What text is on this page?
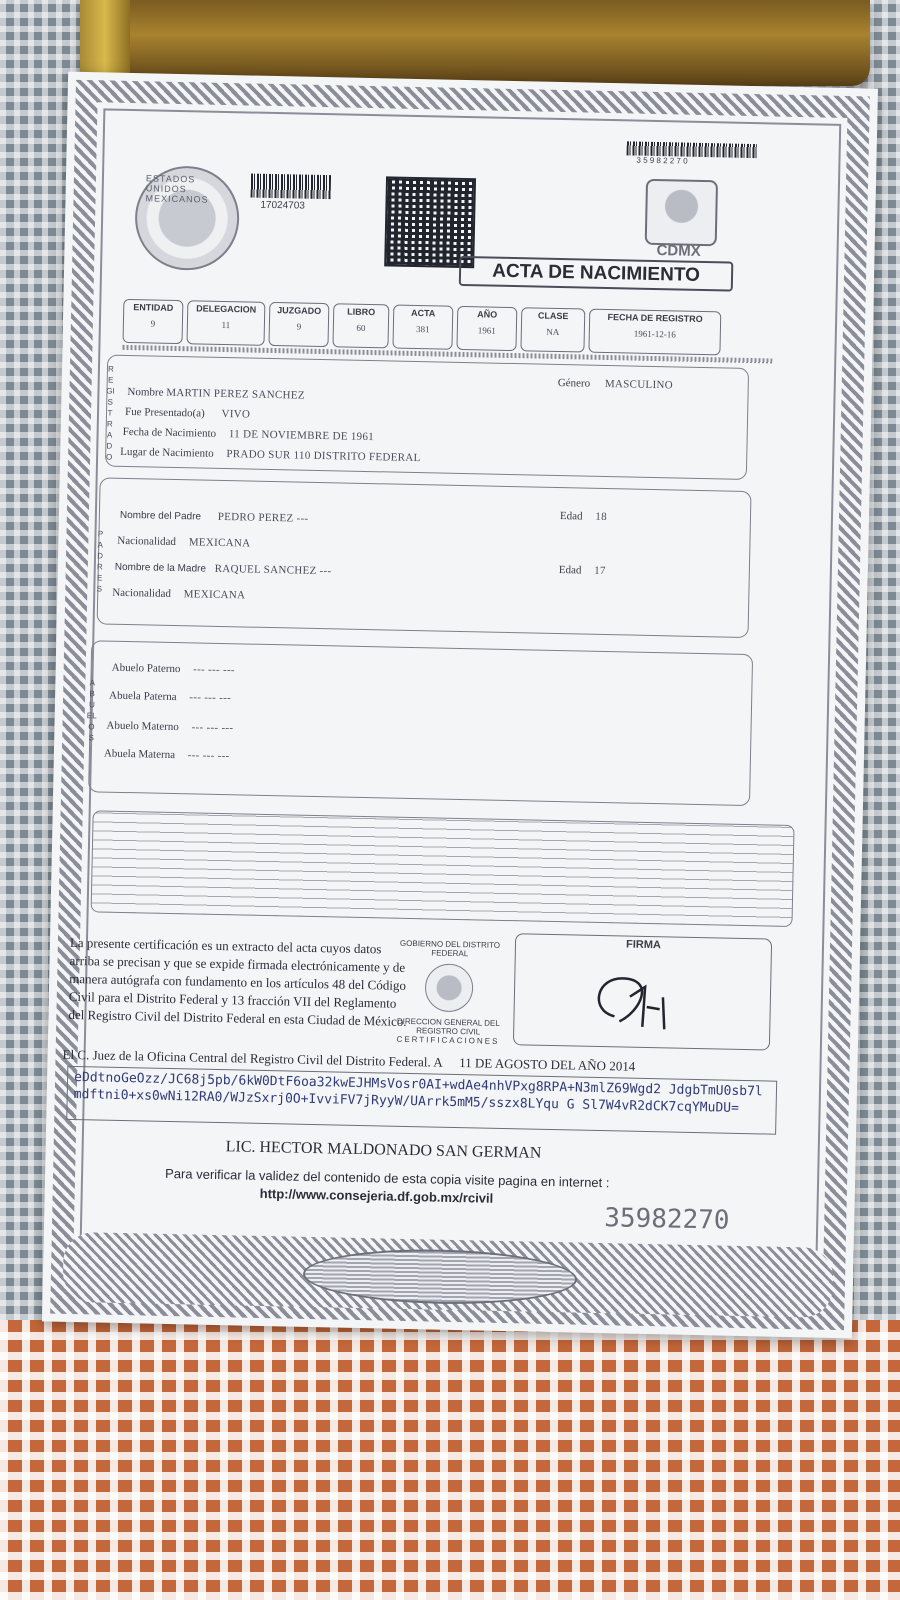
ESTADOS UNIDOS MEXICANOS
17024703
3 5 9 8 2 2 7 0
CDMX
ACTA DE NACIMIENTO
ENTIDAD
9
DELEGACION
11
JUZGADO
9
LIBRO
60
ACTA
381
AÑO
1961
CLASE
NA
FECHA DE REGISTRO
1961-12-16
REGISTRADO
Nombre MARTIN PEREZ SANCHEZ
Género MASCULINO
Fue Presentado(a) VIVO
Fecha de Nacimiento 11 DE NOVIEMBRE DE 1961
Lugar de Nacimiento PRADO SUR 110 DISTRITO FEDERAL
PADRES
Nombre del Padre PEDRO PEREZ ---	Edad 18
Nacionalidad MEXICANA
Nombre de la Madre RAQUEL SANCHEZ ---	Edad 17
Nacionalidad MEXICANA
ABUELOS
Abuelo Paterno --- --- ---
Abuela Paterna --- --- ---
Abuelo Materno --- --- ---
Abuela Materna --- --- ---
La presente certificación es un extracto del acta cuyos datos arriba se precisan y que se expide firmada electrónicamente y de manera autógrafa con fundamento en los artículos 48 del Código Civil para el Distrito Federal y 13 fracción VII del Reglamento del Registro Civil del Distrito Federal en esta Ciudad de México.
GOBIERNO DEL DISTRITO FEDERAL
DIRECCION GENERAL DEL REGISTRO CIVIL
CERTIFICACIONES
FIRMA
El C. Juez de la Oficina Central del Registro Civil del Distrito Federal. A 11 DE AGOSTO DEL AÑO 2014
eDdtnoGeOzz/JC68j5pb/6kW0DtF6oa32kwEJHMsVosr0AI+wdAe4nhVPxg8RPA+N3mlZ69Wgd2 JdgbTmU0sb7lmdftni0+xs0wNi12RA0/WJzSxrj0O+IvviFV7jRyyW/UArrk5mM5/sszx8LYqu G Sl7W4vR2dCK7cqYMuDU=
LIC. HECTOR MALDONADO SAN GERMAN
Para verificar la validez del contenido de esta copia visite pagina en internet :
http://www.consejeria.df.gob.mx/rcivil
35982270
